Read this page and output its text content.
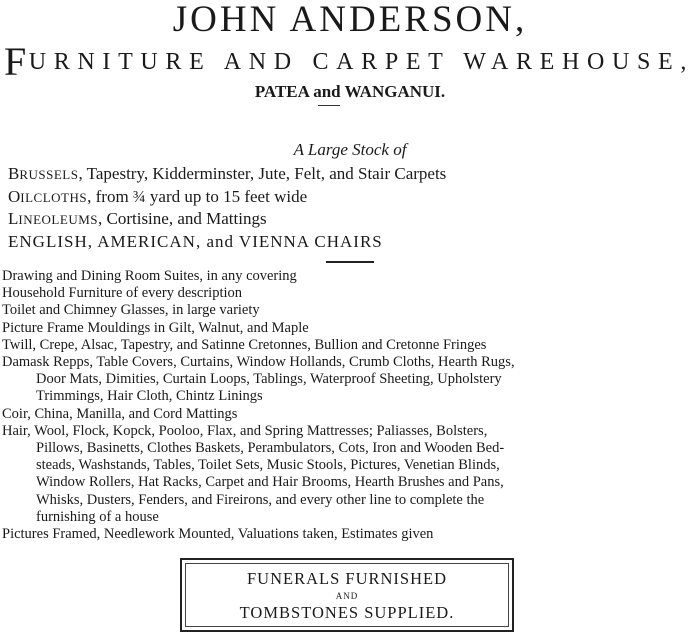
JOHN ANDERSON,
FURNITURE AND CARPET WAREHOUSE,
PATEA and WANGANUI.
A Large Stock of
BRUSSELS, Tapestry, Kidderminster, Jute, Felt, and Stair Carpets
OILCLOTHS, from ¾ yard up to 15 feet wide
LINEOLEUMS, Cortisine, and Mattings
ENGLISH, AMERICAN, and VIENNA CHAIRS
Drawing and Dining Room Suites, in any covering
Household Furniture of every description
Toilet and Chimney Glasses, in large variety
Picture Frame Mouldings in Gilt, Walnut, and Maple
Twill, Crepe, Alsac, Tapestry, and Satinne Cretonnes, Bullion and Cretonne Fringes
Damask Repps, Table Covers, Curtains, Window Hollands, Crumb Cloths, Hearth Rugs,
Door Mats, Dimities, Curtain Loops, Tablings, Waterproof Sheeting, Upholstery
Trimmings, Hair Cloth, Chintz Linings
Coir, China, Manilla, and Cord Mattings
Hair, Wool, Flock, Kopck, Pooloo, Flax, and Spring Mattresses; Paliasses, Bolsters,
Pillows, Basinetts, Clothes Baskets, Perambulators, Cots, Iron and Wooden Bed-
steads, Washstands, Tables, Toilet Sets, Music Stools, Pictures, Venetian Blinds,
Window Rollers, Hat Racks, Carpet and Hair Brooms, Hearth Brushes and Pans,
Whisks, Dusters, Fenders, and Fireirons, and every other line to complete the
furnishing of a house
Pictures Framed, Needlework Mounted, Valuations taken, Estimates given
FUNERALS FURNISHED
AND
TOMBSTONES SUPPLIED.
